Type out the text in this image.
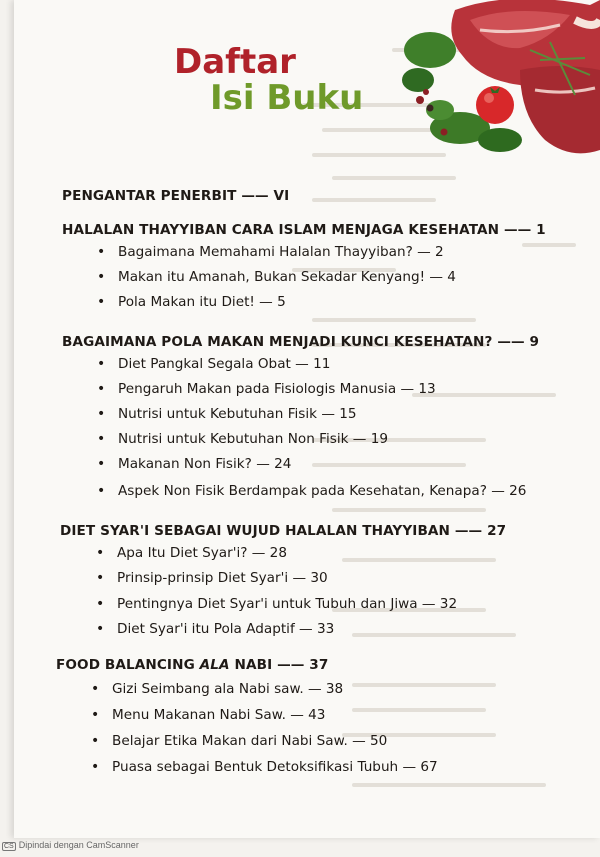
Daftar
Isi Buku
PENGANTAR PENERBIT —— VI
HALALAN THAYYIBAN CARA ISLAM MENJAGA KESEHATAN —— 1
• Bagaimana Memahami Halalan Thayyiban? — 2
• Makan itu Amanah, Bukan Sekadar Kenyang! — 4
• Pola Makan itu Diet! — 5
BAGAIMANA POLA MAKAN MENJADI KUNCI KESEHATAN? —— 9
• Diet Pangkal Segala Obat — 11
• Pengaruh Makan pada Fisiologis Manusia — 13
• Nutrisi untuk Kebutuhan Fisik — 15
• Nutrisi untuk Kebutuhan Non Fisik — 19
• Makanan Non Fisik? — 24
• Aspek Non Fisik Berdampak pada Kesehatan, Kenapa? — 26
DIET SYAR'I SEBAGAI WUJUD HALALAN THAYYIBAN —— 27
• Apa Itu Diet Syar'i? — 28
• Prinsip-prinsip Diet Syar'i — 30
• Pentingnya Diet Syar'i untuk Tubuh dan Jiwa — 32
• Diet Syar'i itu Pola Adaptif — 33
FOOD BALANCING ALA NABI —— 37
• Gizi Seimbang ala Nabi saw. — 38
• Menu Makanan Nabi Saw. — 43
• Belajar Etika Makan dari Nabi Saw. — 50
• Puasa sebagai Bentuk Detoksifikasi Tubuh — 67
CS Dipindai dengan CamScanner
